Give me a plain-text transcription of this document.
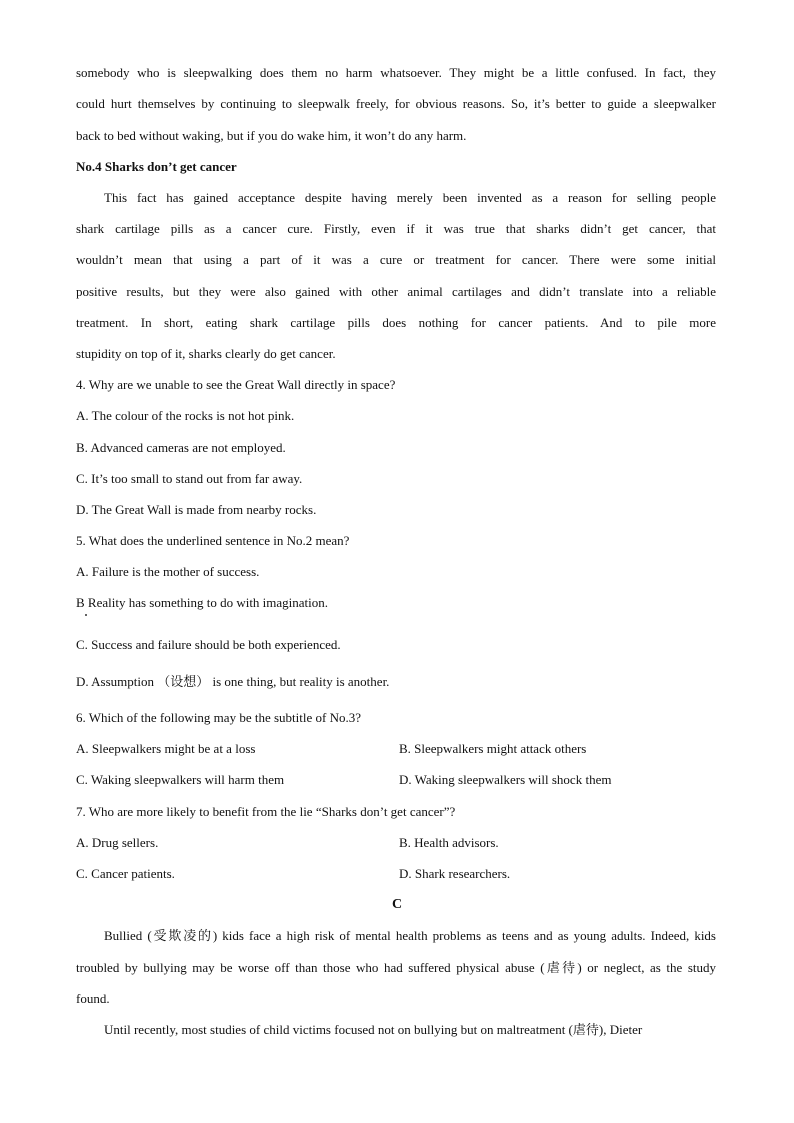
somebody who is sleepwalking does them no harm whatsoever. They might be a little confused. In fact, they
could hurt themselves by continuing to sleepwalk freely, for obvious reasons. So, it’s better to guide a sleepwalker
back to bed without waking, but if you do wake him, it won’t do any harm.
No.4 Sharks don’t get cancer
This fact has gained acceptance despite having merely been invented as a reason for selling people
shark cartilage pills as a cancer cure. Firstly, even if it was true that sharks didn’t get cancer, that
wouldn’t mean that using a part of it was a cure or treatment for cancer. There were some initial
positive results, but they were also gained with other animal cartilages and didn’t translate into a reliable
treatment. In short, eating shark cartilage pills does nothing for cancer patients. And to pile more
stupidity on top of it, sharks clearly do get cancer.
4. Why are we unable to see the Great Wall directly in space?
A. The colour of the rocks is not hot pink.
B. Advanced cameras are not employed.
C. It’s too small to stand out from far away.
D. The Great Wall is made from nearby rocks.
5. What does the underlined sentence in No.2 mean?
A. Failure is the mother of success.
B Reality has something to do with imagination.
C. Success and failure should be both experienced.
D. Assumption （设想） is one thing, but reality is another.
6. Which of the following may be the subtitle of No.3?
A. Sleepwalkers might be at a loss	B. Sleepwalkers might attack others
C. Waking sleepwalkers will harm them	D. Waking sleepwalkers will shock them
7. Who are more likely to benefit from the lie “Sharks don’t get cancer”?
A. Drug sellers.	B. Health advisors.
C. Cancer patients.	D. Shark researchers.
C
Bullied (受欺凌的) kids face a high risk of mental health problems as teens and as young adults. Indeed, kids
troubled by bullying may be worse off than those who had suffered physical abuse (虐待) or neglect, as the study
found.
Until recently, most studies of child victims focused not on bullying but on maltreatment (虐待), Dieter
